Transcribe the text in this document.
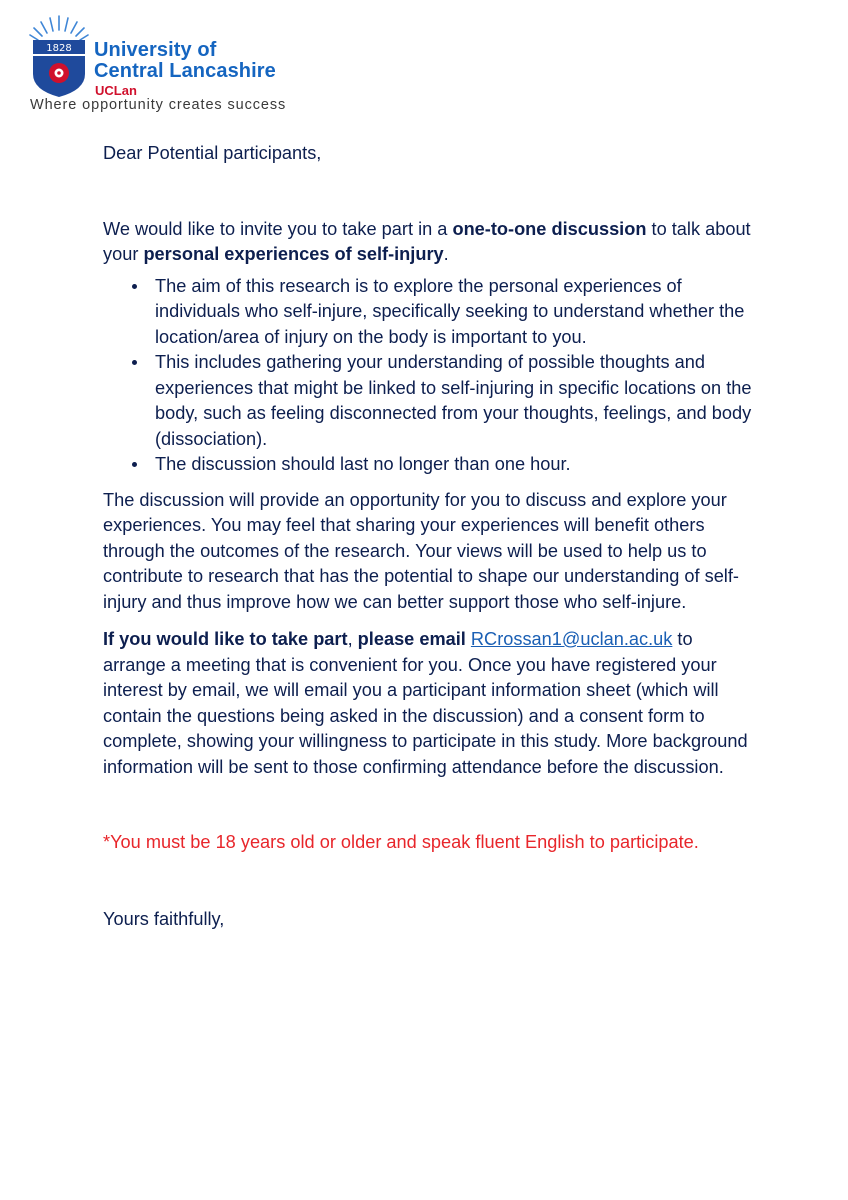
1828 University of
Central Lancashire
UCLan
Where opportunity creates success

Dear Potential participants,

We would like to invite you to take part in a one-to-one discussion to talk about your personal experiences of self-injury.

The aim of this research is to explore the personal experiences of individuals who self-injure, specifically seeking to understand whether the location/area of injury on the body is important to you.
This includes gathering your understanding of possible thoughts and experiences that might be linked to self-injuring in specific locations on the body, such as feeling disconnected from your thoughts, feelings, and body (dissociation).
The discussion should last no longer than one hour.

The discussion will provide an opportunity for you to discuss and explore your experiences. You may feel that sharing your experiences will benefit others through the outcomes of the research. Your views will be used to help us to contribute to research that has the potential to shape our understanding of self-injury and thus improve how we can better support those who self-injure.

If you would like to take part, please email RCrossan1@uclan.ac.uk to arrange a meeting that is convenient for you. Once you have registered your interest by email, we will email you a participant information sheet (which will contain the questions being asked in the discussion) and a consent form to complete, showing your willingness to participate in this study. More background information will be sent to those confirming attendance before the discussion.

*You must be 18 years old or older and speak fluent English to participate.

Yours faithfully,
